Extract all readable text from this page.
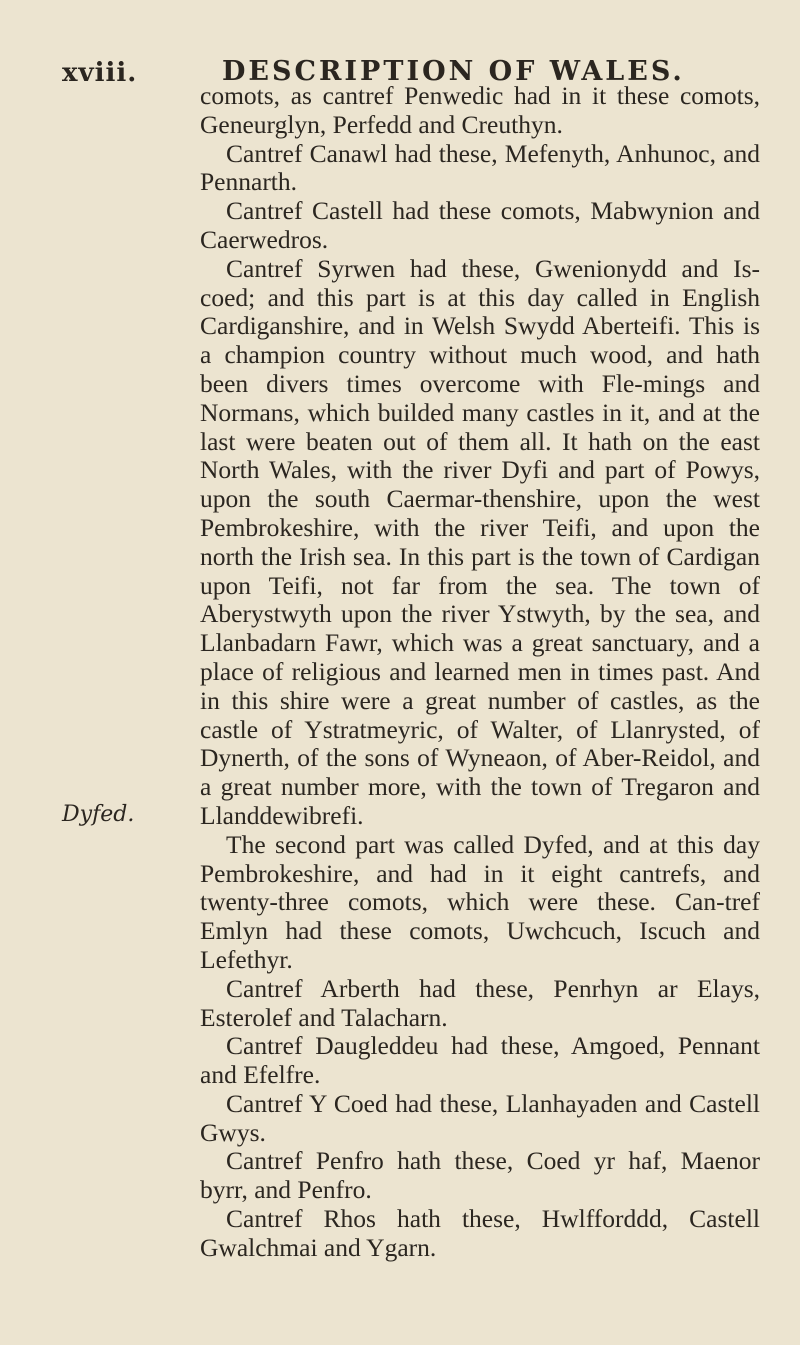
xviii.	DESCRIPTION OF WALES.
Dyfed.

comots, as cantref Penwedic had in it these comots, Geneurglyn, Perfedd and Creuthyn.

Cantref Canawl had these, Mefenyth, Anhunoc, and Pennarth.

Cantref Castell had these comots, Mabwynion and Caerwedros.

Cantref Syrwen had these, Gwenionydd and Is-coed; and this part is at this day called in English Cardiganshire, and in Welsh Swydd Aberteifi. This is a champion country without much wood, and hath been divers times overcome with Fle-mings and Normans, which builded many castles in it, and at the last were beaten out of them all. It hath on the east North Wales, with the river Dyfi and part of Powys, upon the south Caermar-thenshire, upon the west Pembrokeshire, with the river Teifi, and upon the north the Irish sea. In this part is the town of Cardigan upon Teifi, not far from the sea. The town of Aberystwyth upon the river Ystwyth, by the sea, and Llanbadarn Fawr, which was a great sanctuary, and a place of religious and learned men in times past. And in this shire were a great number of castles, as the castle of Ystratmeyric, of Walter, of Llanrysted, of Dynerth, of the sons of Wyneaon, of Aber-Reidol, and a great number more, with the town of Tregaron and Llanddewibrefi.

The second part was called Dyfed, and at this day Pembrokeshire, and had in it eight cantrefs, and twenty-three comots, which were these. Can-tref Emlyn had these comots, Uwchcuch, Iscuch and Lefethyr.

Cantref Arberth had these, Penrhyn ar Elays, Esterolef and Talacharn.

Cantref Daugleddeu had these, Amgoed, Pennant and Efelfre.

Cantref Y Coed had these, Llanhayaden and Castell Gwys.

Cantref Penfro hath these, Coed yr haf, Maenor byrr, and Penfro.

Cantref Rhos hath these, Hwlfforddd, Castell Gwalchmai and Ygarn.
